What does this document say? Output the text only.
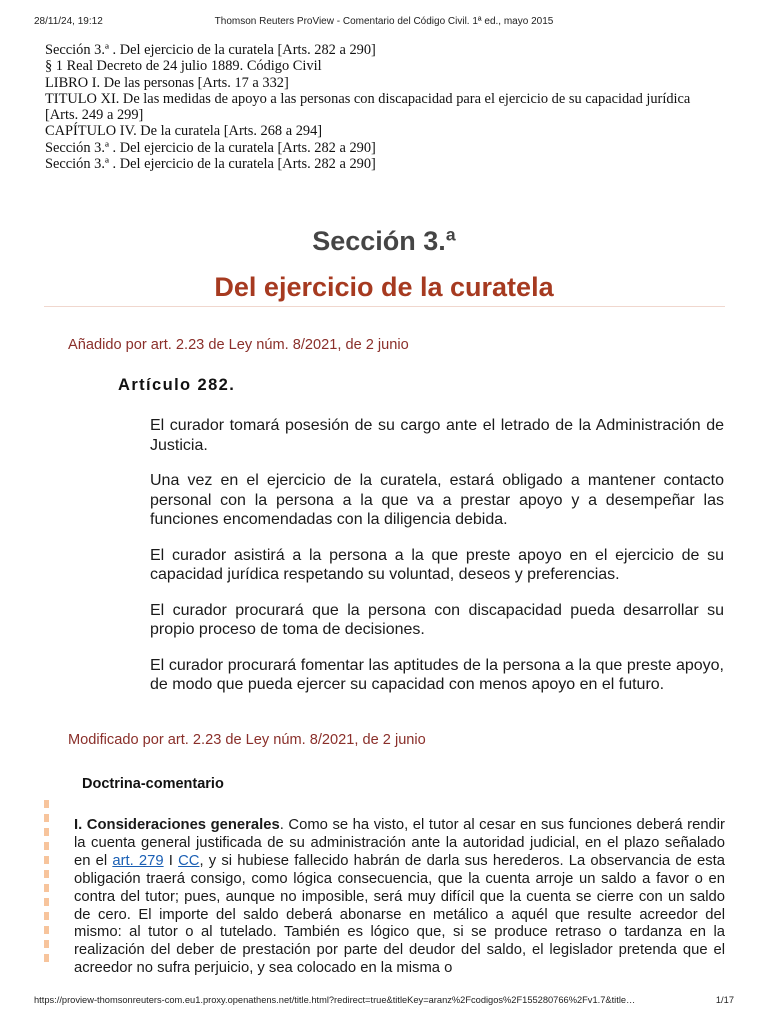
28/11/24, 19:12	Thomson Reuters ProView - Comentario del Código Civil. 1ª ed., mayo 2015
Sección 3.ª . Del ejercicio de la curatela [Arts. 282 a 290]
§ 1 Real Decreto de 24 julio 1889. Código Civil
LIBRO I. De las personas [Arts. 17 a 332]
TITULO XI. De las medidas de apoyo a las personas con discapacidad para el ejercicio de su capacidad jurídica [Arts. 249 a 299]
CAPÍTULO IV. De la curatela [Arts. 268 a 294]
Sección 3.ª . Del ejercicio de la curatela [Arts. 282 a 290]
Sección 3.ª . Del ejercicio de la curatela [Arts. 282 a 290]
Sección 3.ª
Del ejercicio de la curatela
Añadido por art. 2.23 de Ley núm. 8/2021, de 2 junio
Artículo 282.

El curador tomará posesión de su cargo ante el letrado de la Administración de Justicia.

Una vez en el ejercicio de la curatela, estará obligado a mantener contacto personal con la persona a la que va a prestar apoyo y a desempeñar las funciones encomendadas con la diligencia debida.

El curador asistirá a la persona a la que preste apoyo en el ejercicio de su capacidad jurídica respetando su voluntad, deseos y preferencias.

El curador procurará que la persona con discapacidad pueda desarrollar su propio proceso de toma de decisiones.

El curador procurará fomentar las aptitudes de la persona a la que preste apoyo, de modo que pueda ejercer su capacidad con menos apoyo en el futuro.

Modificado por art. 2.23 de Ley núm. 8/2021, de 2 junio
Doctrina-comentario
I. Consideraciones generales. Como se ha visto, el tutor al cesar en sus funciones deberá rendir la cuenta general justificada de su administración ante la autoridad judicial, en el plazo señalado en el art. 279 I CC, y si hubiese fallecido habrán de darla sus herederos. La observancia de esta obligación traerá consigo, como lógica consecuencia, que la cuenta arroje un saldo a favor o en contra del tutor; pues, aunque no imposible, será muy difícil que la cuenta se cierre con un saldo de cero. El importe del saldo deberá abonarse en metálico a aquél que resulte acreedor del mismo: al tutor o al tutelado. También es lógico que, si se produce retraso o tardanza en la realización del deber de prestación por parte del deudor del saldo, el legislador pretenda que el acreedor no sufra perjuicio, y sea colocado en la misma o
https://proview-thomsonreuters-com.eu1.proxy.openathens.net/title.html?redirect=true&titleKey=aranz%2Fcodigos%2F155280766%2Fv1.7&title…	1/17
